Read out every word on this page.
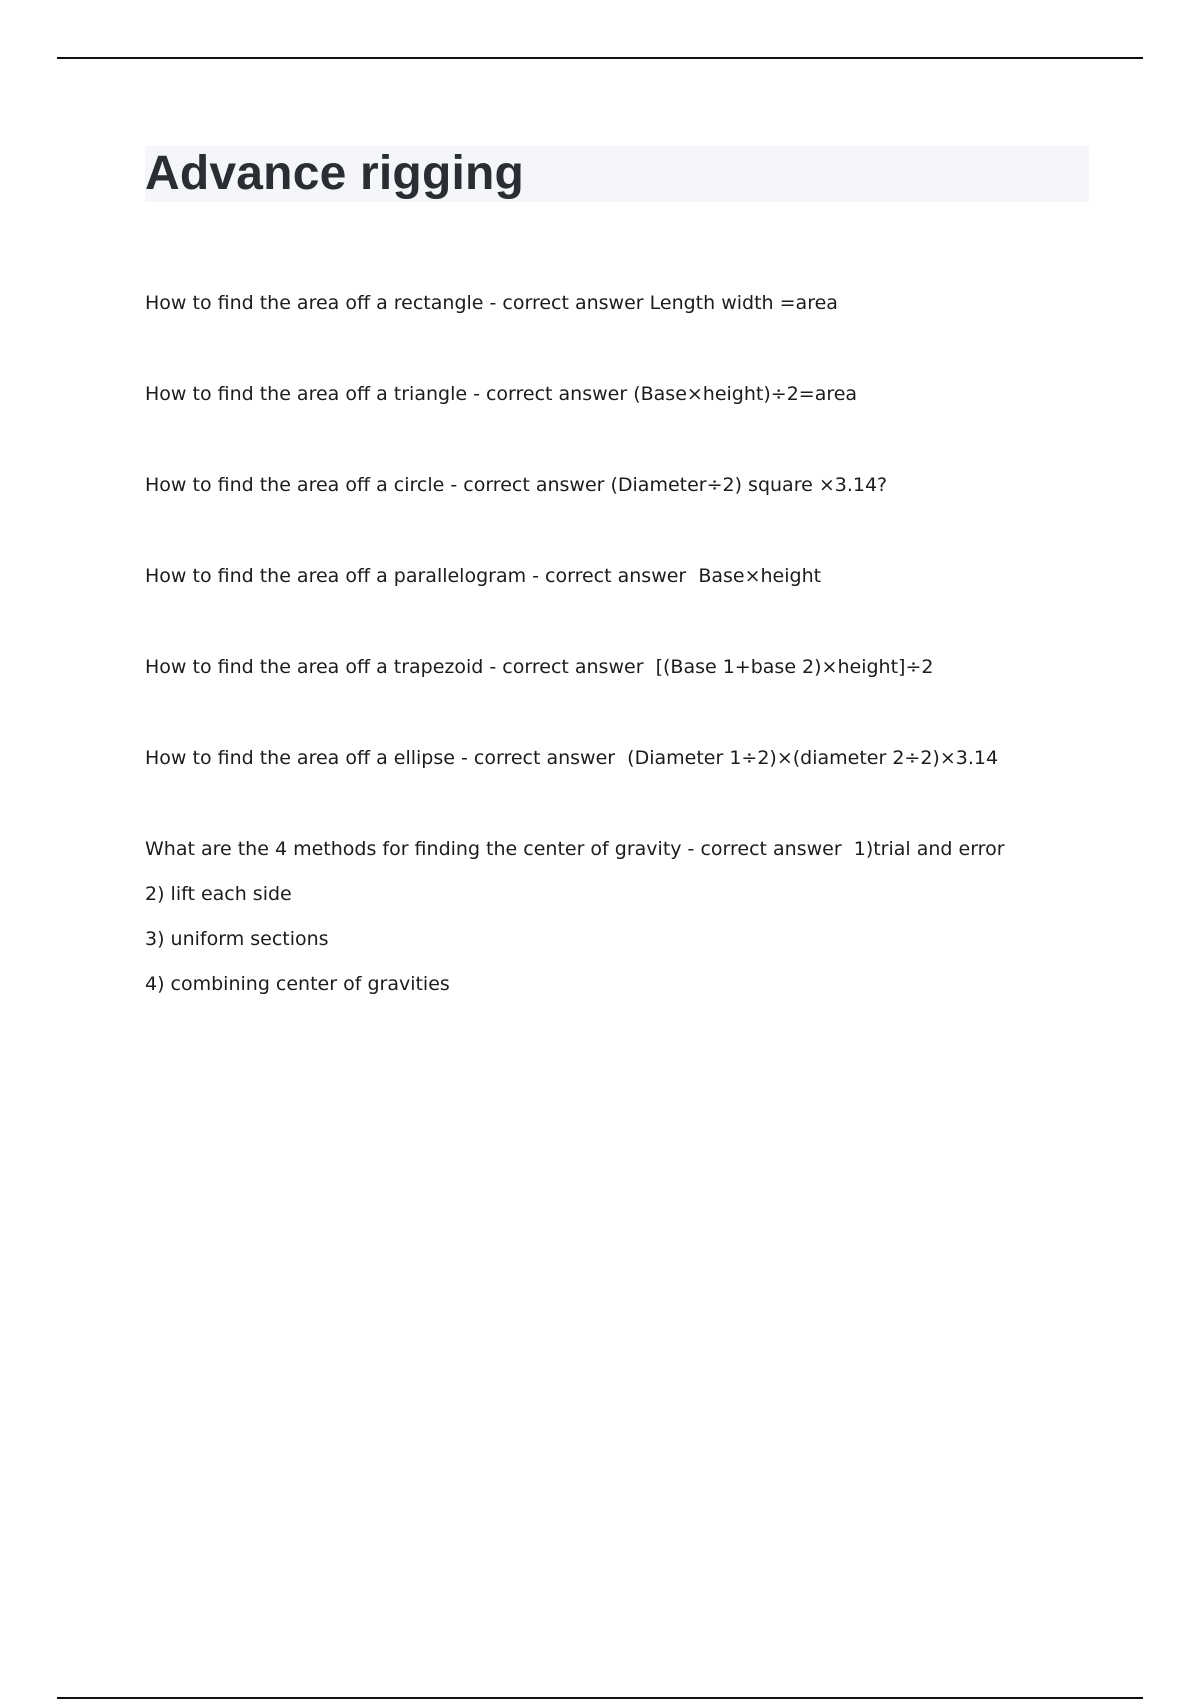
Advance rigging
How to find the area off a rectangle - correct answer Length width =area
How to find the area off a triangle - correct answer (Base×height)÷2=area
How to find the area off a circle - correct answer (Diameter÷2) square ×3.14?
How to find the area off a parallelogram - correct answer  Base×height
How to find the area off a trapezoid - correct answer  [(Base 1+base 2)×height]÷2
How to find the area off a ellipse - correct answer  (Diameter 1÷2)×(diameter 2÷2)×3.14
What are the 4 methods for finding the center of gravity - correct answer  1)trial and error
2) lift each side
3) uniform sections
4) combining center of gravities
